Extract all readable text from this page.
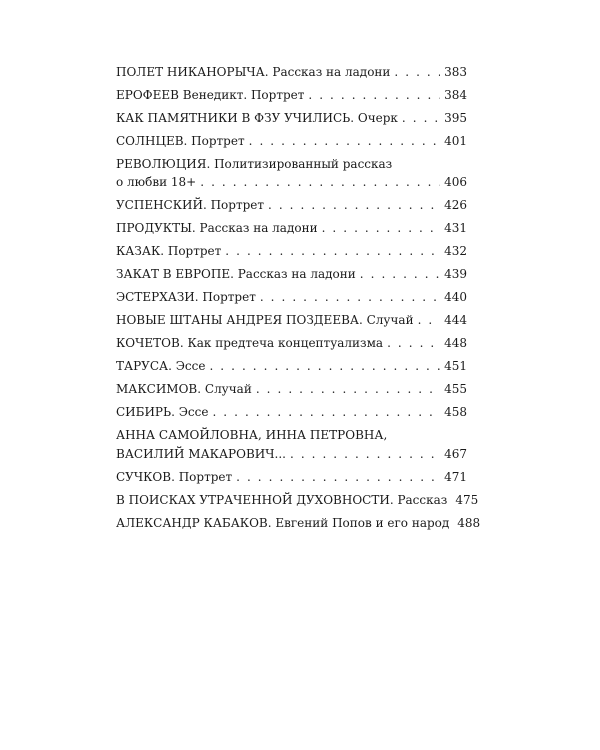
ПОЛЕТ НИКАНОРЫЧА. Рассказ на ладони . . .	383
ЕРОФЕЕВ Венедикт. Портрет . . .	384
КАК ПАМЯТНИКИ В ФЗУ УЧИЛИСЬ. Очерк . . .	395
СОЛНЦЕВ. Портрет . . .	401
РЕВОЛЮЦИЯ. Политизированный рассказ
о любви 18+ . . .	406
УСПЕНСКИЙ. Портрет . . .	426
ПРОДУКТЫ. Рассказ на ладони . . .	431
КАЗАК. Портрет . . .	432
ЗАКАТ В ЕВРОПЕ. Рассказ на ладони . . .	439
ЭСТЕРХАЗИ. Портрет . . .	440
НОВЫЕ ШТАНЫ АНДРЕЯ ПОЗДЕЕВА. Случай . . .	444
КОЧЕТОВ. Как предтеча концептуализма . . .	448
ТАРУСА. Эссе . . .	451
МАКСИМОВ. Случай . . .	455
СИБИРЬ. Эссе . . .	458
АННА САМОЙЛОВНА, ИННА ПЕТРОВНА,
ВАСИЛИЙ МАКАРОВИЧ... . . .	467
СУЧКОВ. Портрет . . .	471
В ПОИСКАХ УТРАЧЕННОЙ ДУХОВНОСТИ. Рассказ 475
АЛЕКСАНДР КАБАКОВ. Евгений Попов и его народ 488
